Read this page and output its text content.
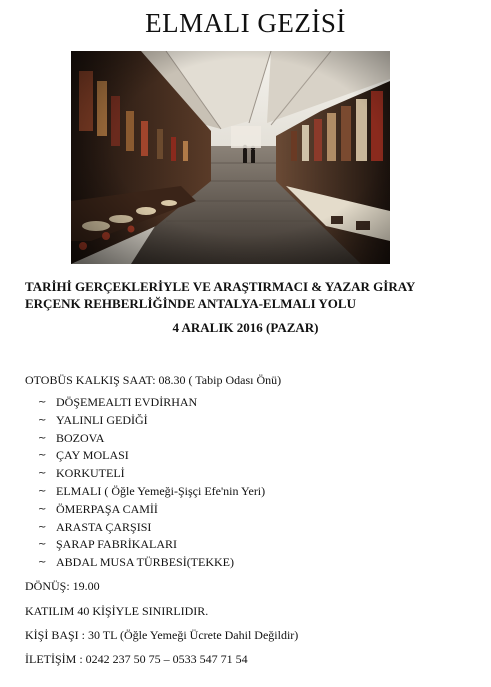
ELMALI GEZİSİ
TARİHİ GERÇEKLERİYLE VE ARAŞTIRMACI & YAZAR GİRAY
ERÇENK REHBERLİĞİNDE ANTALYA-ELMALI YOLU
4 ARALIK 2016 (PAZAR)
OTOBÜS KALKIŞ SAAT: 08.30 ( Tabip Odası Önü)
~ DÖŞEMEALTI EVDİRHAN
~ YALINLI GEDİĞİ
~ BOZOVA
~ ÇAY MOLASI
~ KORKUTELİ
~ ELMALI ( Öğle Yemeği-Şişçi Efe'nin Yeri)
~ ÖMERPAŞA CAMİİ
~ ARASTA ÇARŞISI
~ ŞARAP FABRİKALARI
~ ABDAL MUSA TÜRBESİ(TEKKE)
DÖNÜŞ: 19.00
KATILIM 40 KİŞİYLE SINIRLIDIR.
KİŞİ BAŞI : 30 TL (Öğle Yemeği Ücrete Dahil Değildir)
İLETİŞİM : 0242 237 50 75 – 0533 547 71 54
